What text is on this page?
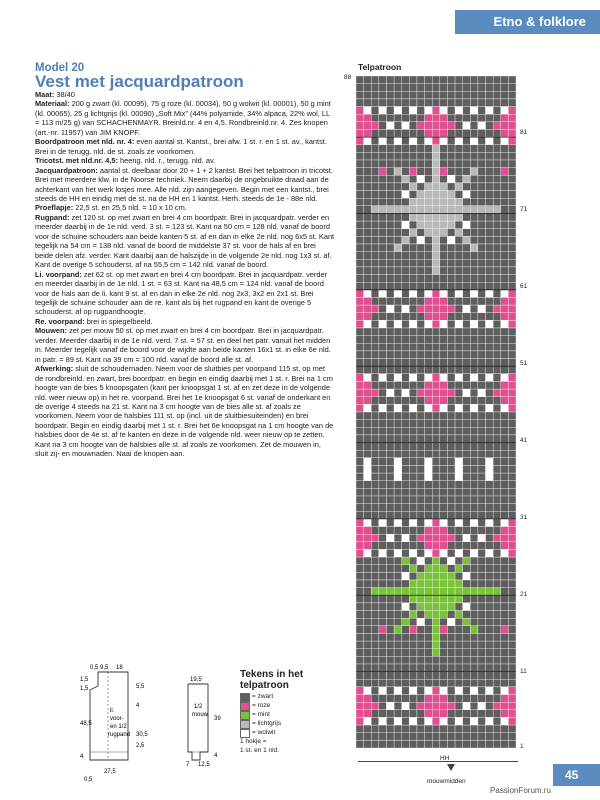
Etno & folklore
Model 20
Vest met jacquardpatroon

Maat: 38/40

Materiaal: 200 g zwart (kl. 00095), 75 g roze (kl. 00034), 50 g wolwit (kl. 00001), 50 g mint (kl. 00065), 25 g lichtgrijs (kl. 00090) „Soft Mix" (44% polyamide, 34% alpaca, 22% wol, LL = 113 m/25 g) van SCHACHENMAYR. Breinld.nr. 4 en 4,5. Rondbreinld.nr. 4. Zes knopen (art.-nr. 11957) van JIM KNOPF.

Boordpatroon met nld. nr. 4: even aantal st. Kantst., brei afw. 1 st. r. en 1 st. av., kantst. Brei in de terugg. nld. de st. zoals ze voorkomen.

Tricotst. met nld.nr. 4,5: heeng. nld. r., terugg. nld. av.

Jacquardpatroon: aantal st. deelbaar door 20 + 1 + 2 kantst. Brei het telpatroon in tricotst. Brei met meerdere klw. in de Noorse techniek. Neem daarbij de ongebruikte draad aan de achterkant van het werk losjes mee. Alle nld. zijn aangegeven. Begin met een kantst., brei steeds de HH en eindig met de st. na de HH en 1 kantst. Herh. steeds de 1e - 88e nld.

Proeflapje: 22,5 st. en 25,5 nld. = 10 x 10 cm.

Rugpand: zet 120 st. op met zwart en brei 4 cm boordpatr. Brei in jacquardpatr. verder en meerder daarbij in de 1e nld. verd. 3 st. = 123 st. Kant na 50 cm = 128 nld. vanaf de boord voor de schuine schouders aan beide kanten 5 st. af en dan in elke 2e nld. nog 6x5 st. Kant tegelijk na 54 cm = 138 nld. vanaf de boord de middelste 37 st. voor de hals af en brei beide delen afz. verder. Kant daarbij aan de halszijde in de volgende 2e nld. nog 1x3 st. af. Kant de overige 5 schouderst. af na 55,5 cm = 142 nld. vanaf de boord.

Li. voorpand: zet 62 st. op met zwart en brei 4 cm boordpatr. Brei in jacquardpatr. verder en meerder daarbij in de 1e nld. 1 st. = 63 st. Kant na 48,5 cm = 124 nld. vanaf de boord voor de hals aan de li. kant 9 st. af en dan in elke 2e nld. nog 2x3, 3x2 en 2x1 st. Brei tegelijk de schuine schouder aan de re. kant als bij het rugpand en kant de overige 5 schouderst. af op rugpandhoogte.

Re. voorpand: brei in spiegelbeeld.

Mouwen: zet per mouw 50 st. op met zwart en brei 4 cm boordpatr. Brei in jacquardpatr. verder. Meerder daarbij in de 1e nld. verd. 7 st. = 57 st. en deel het patr. vanuit het midden in. Meerder tegelijk vanaf de boord voor de wijdte aan beide kanten 16x1 st. in elke 6e nld. in patr. = 89 st. Kant na 39 cm = 100 nld. vanaf de boord alle st. af.

Afwerking: sluit de schoudernaden. Neem voor de sluitbies per voorpand 115 st. op met de rondbreinld. en zwart, brei boordpatr. en begin en eindig daarbij met 1 st. r. Brei na 1 cm hoogte van de bies 5 knoopsgaten (kant per knoopsgat 1 st. af en zet deze in de volgende nld. weer nieuw op) in het re. voorpand. Brei het 1e knoopsgat 6 st. vanaf de onderkant en de overige 4 steeds na 21 st. Kant na 3 cm hoogte van de bies alle st. af zoals ze voorkomen. Neem voor de halsbies 111 st. op (incl. uit de sluitbiesuiteinden) en brei boordpatr. Begin en eindig daarbij met 1 st. r. Brei het 6e knoopsgat na 1 cm hoogte van de halsbies door de 4e st. af te kanten en deze in de volgende nld. weer nieuw op te zetten. Kant na 3 cm hoogte van de halsbies alle st. af zoals ze voorkomen. Zet de mouwen in, sluit zij- en mouwnaden. Naai de knopen aan.

0,5 9,5 18
1,5
5,5
1,5
4
48,5
30,5
2,5
4
27,5
0,5
li.
voor-
en 1/2
rugpand
19,5
39
4
7 12,5
1/2
mouw
Tekens in het
telpatroon
= zwart
= roze
= mint
= lichtgrijs
= wolwit
1 hokje =
1 st. en 1 nld.
Telpatroon
88
81
71
61
51
41
31
21
11
1
HH
mouwmidden	45
PassionForum.ru
